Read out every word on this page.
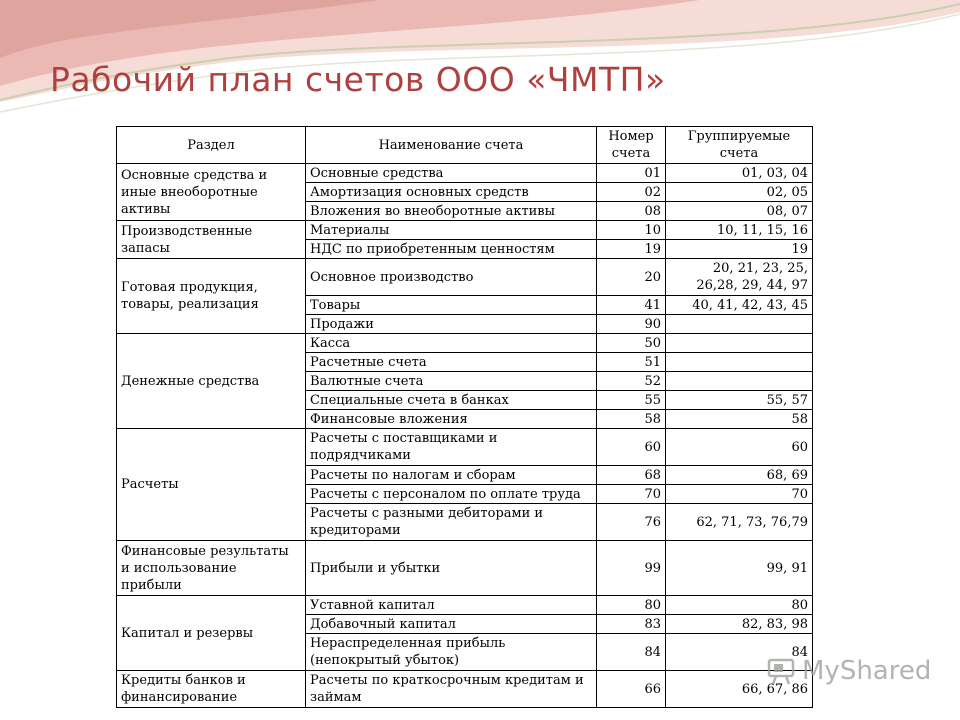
Рабочий план счетов ООО «ЧМТП»
Раздел	Наименование счета	Номер счета	Группируемые счета
Основные средства и иные внеоборотные активы	Основные средства	01	01, 03, 04
	Амортизация основных средств	02	02, 05
	Вложения во внеоборотные активы	08	08, 07
Производственные запасы	Материалы	10	10, 11, 15, 16
	НДС по приобретенным ценностям	19	19
Готовая продукция, товары, реализация	Основное производство	20	20, 21, 23, 25, 26,28, 29, 44, 97
	Товары	41	40, 41, 42, 43, 45
	Продажи	90	
Денежные средства	Касса	50	
	Расчетные счета	51	
	Валютные счета	52	
	Специальные счета в банках	55	55, 57
	Финансовые вложения	58	58
Расчеты	Расчеты с поставщиками и подрядчиками	60	60
	Расчеты по налогам и сборам	68	68, 69
	Расчеты с персоналом по оплате труда	70	70
	Расчеты с разными дебиторами и кредиторами	76	62, 71, 73, 76,79
Финансовые результаты и использование прибыли	Прибыли и убытки	99	99, 91
Капитал и резервы	Уставной капитал	80	80
	Добавочный капитал	83	82, 83, 98
	Нераспределенная прибыль (непокрытый убыток)	84	84
Кредиты банков и финансирование	Расчеты по краткосрочным кредитам и займам	66	66, 67, 86
MyShared
